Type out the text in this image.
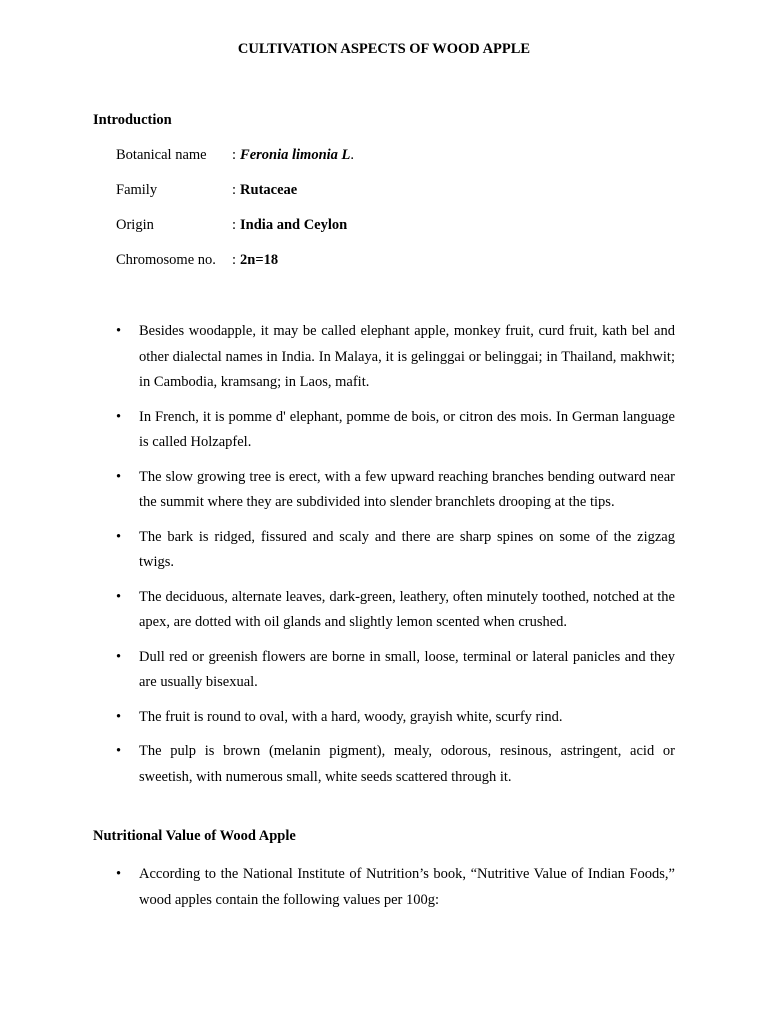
CULTIVATION ASPECTS OF WOOD APPLE
Introduction
Botanical name	: Feronia limonia L .
Family	: Rutaceae
Origin	: India and Ceylon
Chromosome no.	: 2n=18
• Besides woodapple, it may be called elephant apple, monkey fruit, curd fruit, kath bel and other dialectal names in India. In Malaya, it is gelinggai or belinggai; in Thailand, makhwit; in Cambodia, kramsang; in Laos, mafit.
• In French, it is pomme d' elephant, pomme de bois, or citron des mois. In German language is called Holzapfel.
• The slow growing tree is erect, with a few upward reaching branches bending outward near the summit where they are subdivided into slender branchlets drooping at the tips.
• The bark is ridged, fissured and scaly and there are sharp spines on some of the zigzag twigs.
• The deciduous, alternate leaves, dark-green, leathery, often minutely toothed, notched at the apex, are dotted with oil glands and slightly lemon scented when crushed.
• Dull red or greenish flowers are borne in small, loose, terminal or lateral panicles and they are usually bisexual.
• The fruit is round to oval, with a hard, woody, grayish white, scurfy rind.
• The pulp is brown (melanin pigment), mealy, odorous, resinous, astringent, acid or sweetish, with numerous small, white seeds scattered through it.
Nutritional Value of Wood Apple
• According to the National Institute of Nutrition’s book, “Nutritive Value of Indian Foods,” wood apples contain the following values per 100g:
